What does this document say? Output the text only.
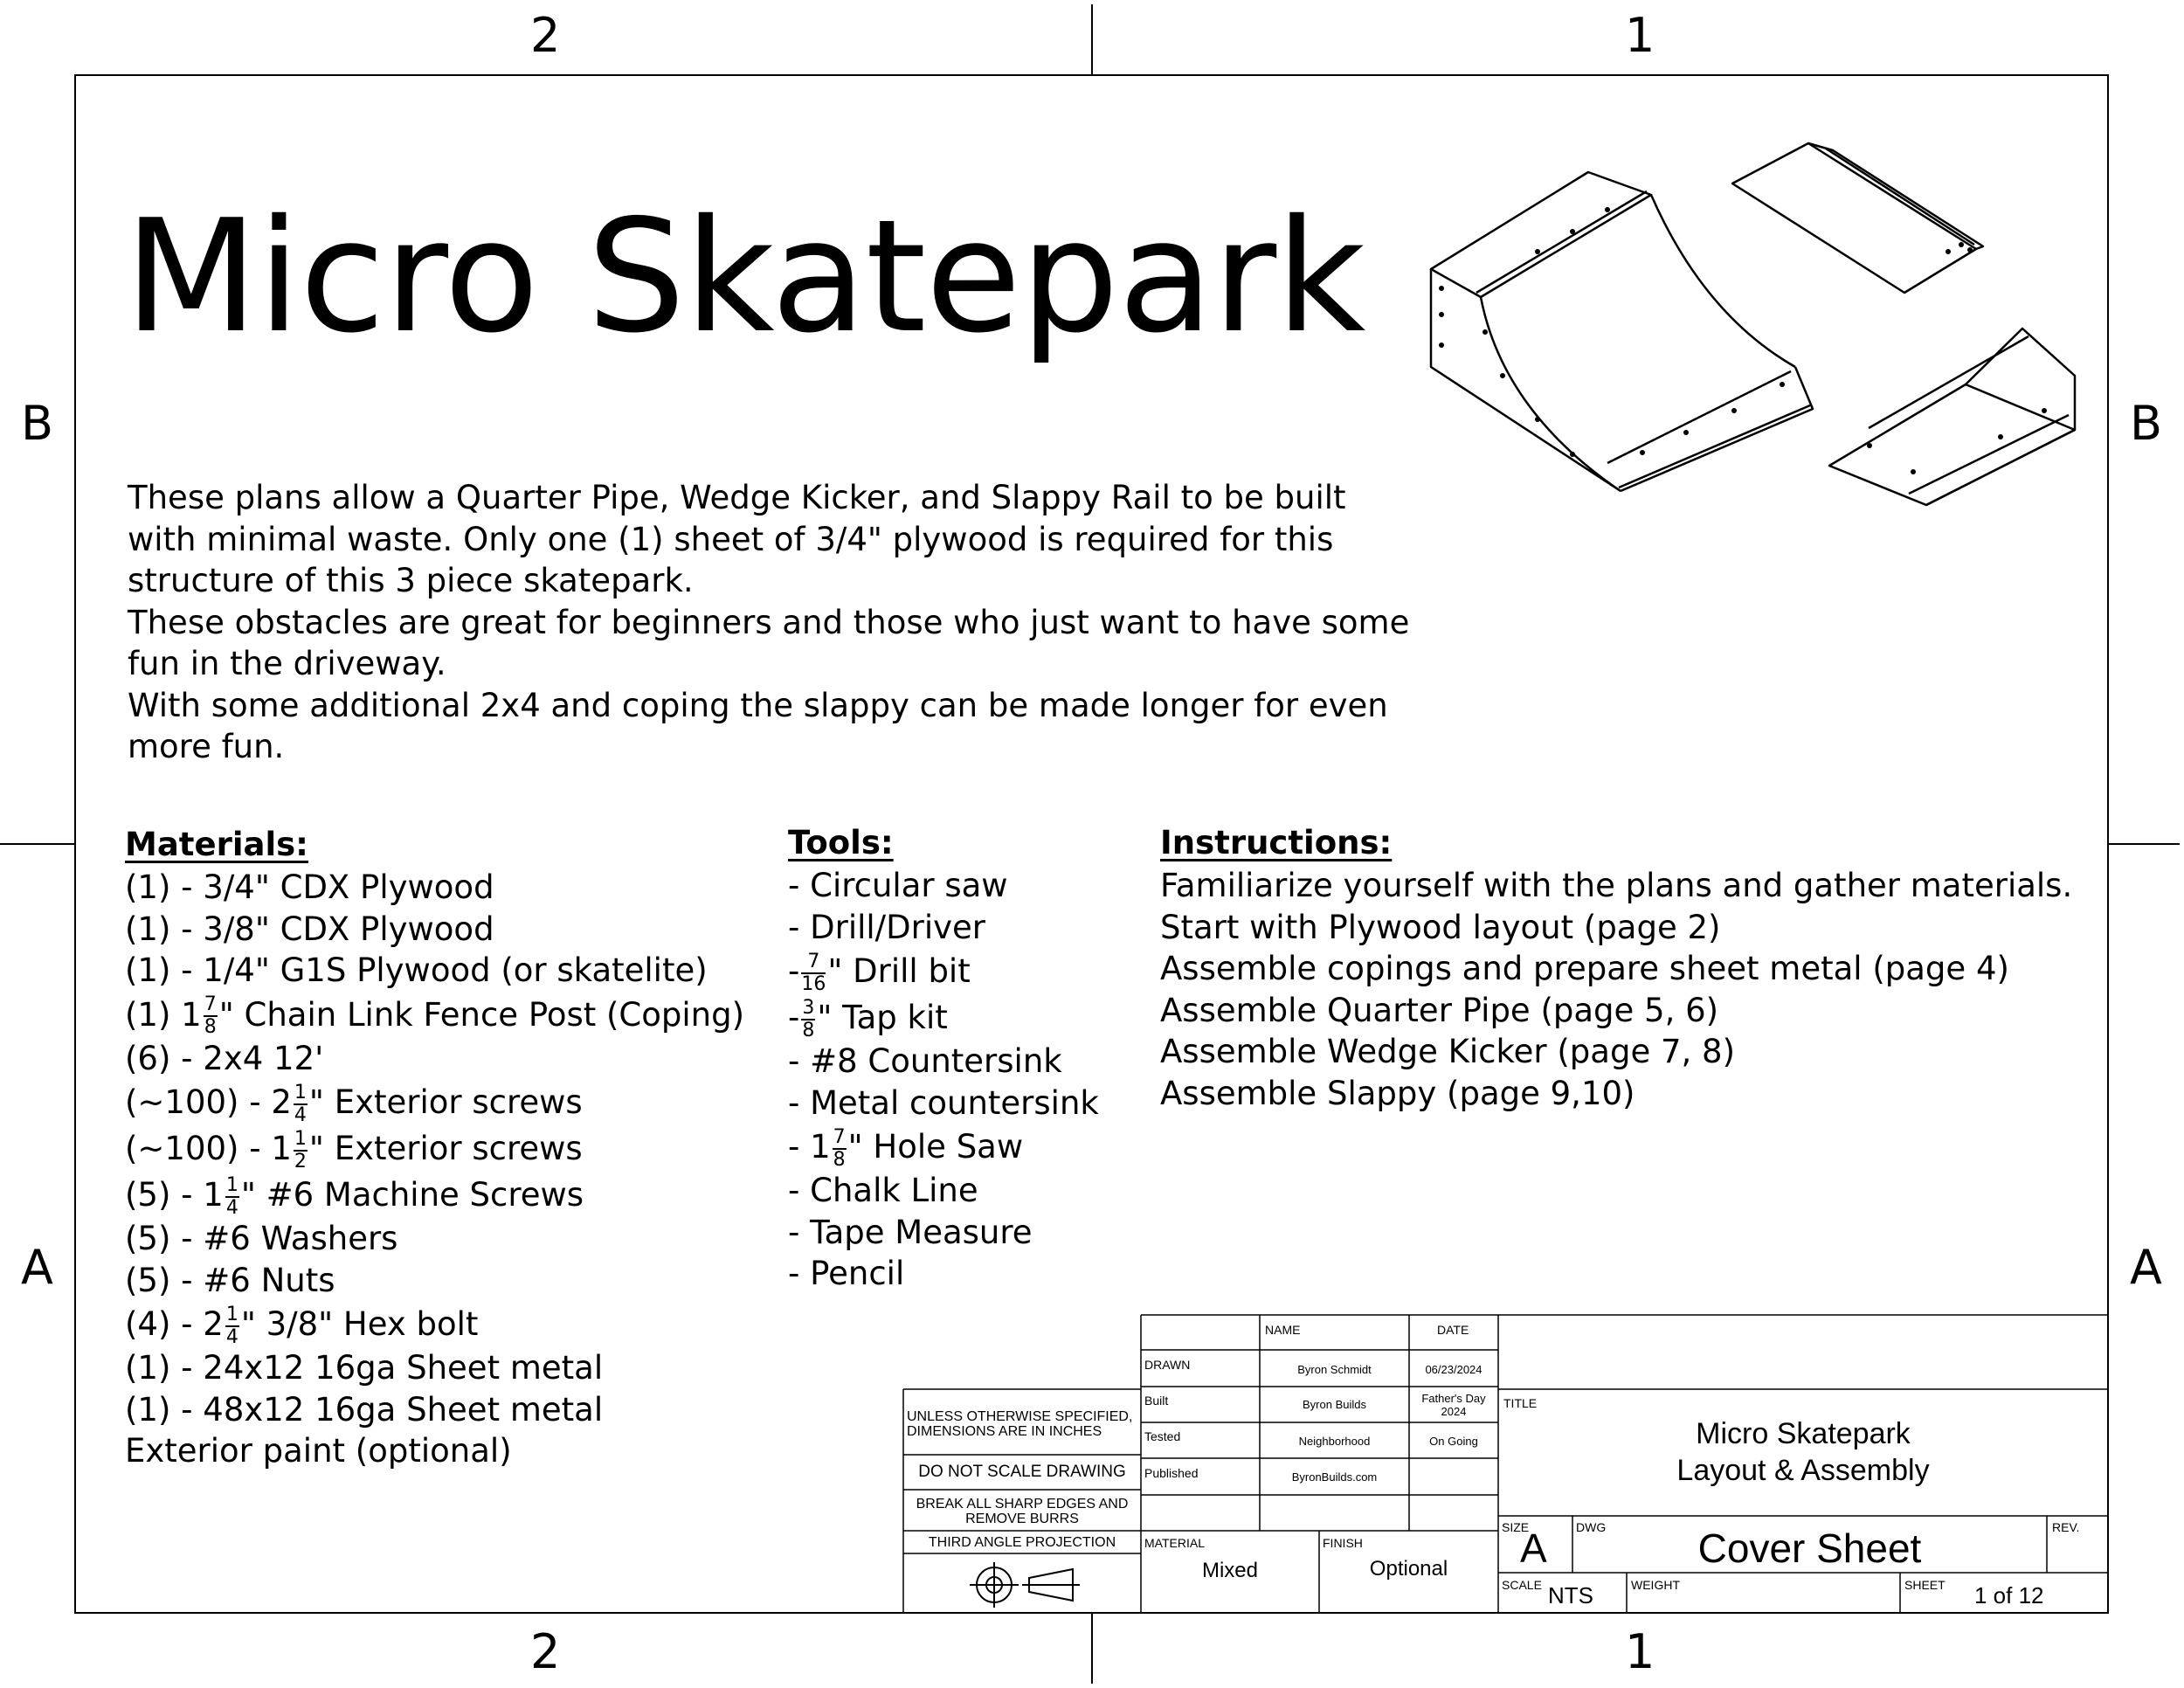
2	1
2	1
B
A
B
A
Micro Skatepark

These plans allow a Quarter Pipe, Wedge Kicker, and Slappy Rail to be built with minimal waste. Only one (1) sheet of 3/4" plywood is required for this structure of this 3 piece skatepark.

These obstacles are great for beginners and those who just want to have some fun in the driveway.

With some additional 2x4 and coping the slappy can be made longer for even more fun.

Materials:
(1) - 3/4" CDX Plywood
(1) - 3/8" CDX Plywood
(1) - 1/4" G1S Plywood (or skatelite)
(1) $1 \frac{7}{8}$ " Chain Link Fence Post (Coping)
(6) - 2x4 12'
(~100) - $2 \frac{1}{4}$ " Exterior screws
(~100) - $1 \frac{1}{2}$ " Exterior screws
$(5) - 1 \frac{1}{4}$ " #6 Machine Screws
(5) - #6 Washers
(5) - #6 Nuts
$(4) - 2 \frac{1}{4}$ " 3/8" Hex bolt
(1) - 24x12 16ga Sheet metal
(1) - 48x12 16ga Sheet metal
Exterior paint (optional)
Tools:
- Circular saw
- Drill/Driver
- $\frac{7}{16}$ " Drill bit
- $\frac{3}{8}$ " Tap kit
- #8 Countersink
- Metal countersink
- $1 \frac{7}{8}$ " Hole Saw
- Chalk Line
- Tape Measure
- Pencil
Instructions:
Familiarize yourself with the plans and gather materials.
Start with Plywood layout (page 2)
Assemble copings and prepare sheet metal (page 4)
Assemble Quarter Pipe (page 5, 6)
Assemble Wedge Kicker (page 7, 8)
Assemble Slappy (page 9,10)
UNLESS OTHERWISE SPECIFIED,
DIMENSIONS ARE IN INCHES
DO NOT SCALE DRAWING
BREAK ALL SHARP EDGES AND
REMOVE BURRS
THIRD ANGLE PROJECTION
NAME	DATE
DRAWN	Byron Schmidt	06/23/2024
Built	Byron Builds	Father's Day
2024
Tested	Neighborhood	On Going
Published	ByronBuilds.com
MATERIAL
Mixed
FINISH
Optional
TITLE
Micro Skatepark
Layout & Assembly
SIZE
A DWG	Cover Sheet	REV.
SCALE NTS	WEIGHT	SHEET 1 of 12
